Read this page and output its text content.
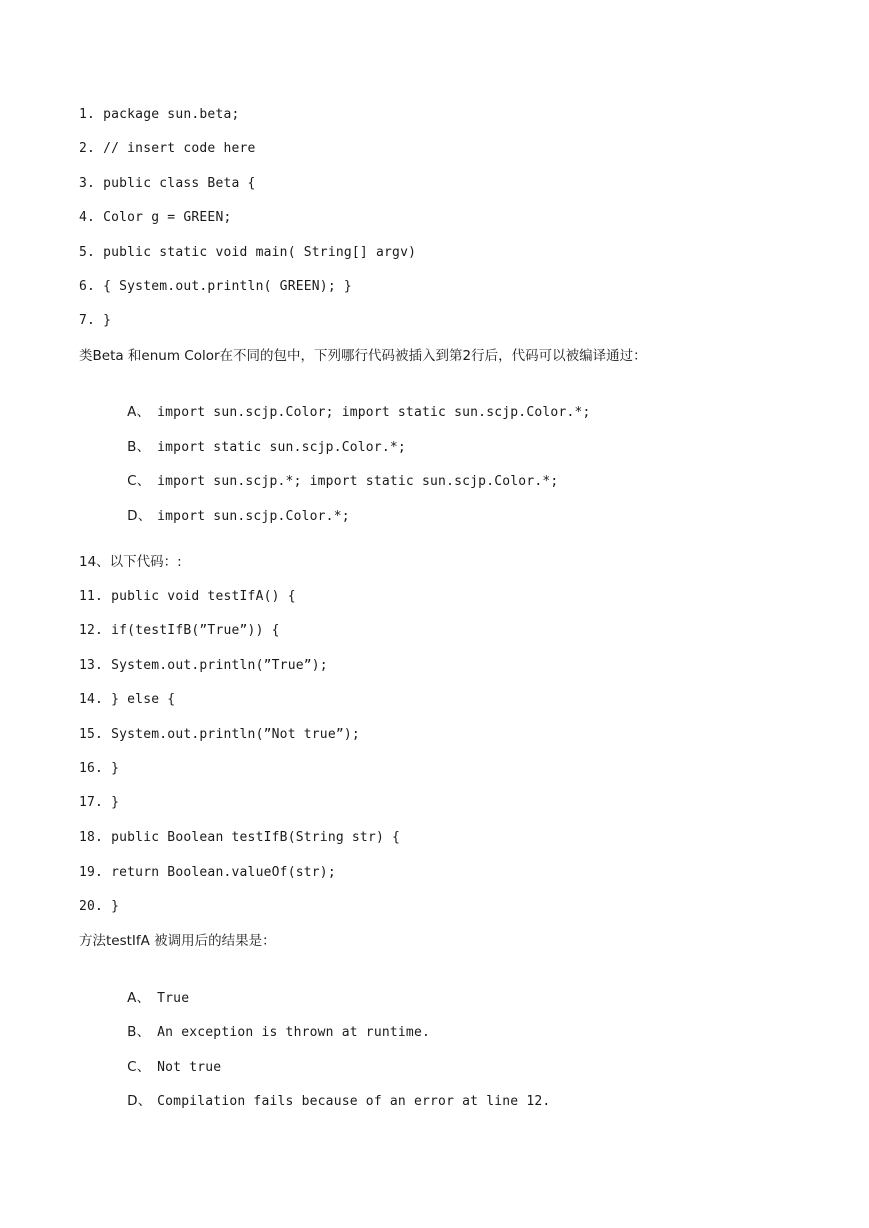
1. package sun.beta;
2. // insert code here
3. public class Beta {
4. Color g = GREEN;
5. public static void main( String[] argv)
6. { System.out.println( GREEN); }
7. }
类Beta 和enum Color在不同的包中，下列哪行代码被插入到第2行后，代码可以被编译通过：

A、 import sun.scjp.Color; import static sun.scjp.Color.*;

B、 import static sun.scjp.Color.*;

C、 import sun.scjp.*; import static sun.scjp.Color.*;

D、 import sun.scjp.Color.*;

14、以下代码：:
11. public void testIfA() {
12. if(testIfB(”True”)) {
13. System.out.println(”True”);
14. } else {
15. System.out.println(”Not true”);
16. }
17. }
18. public Boolean testIfB(String str) {
19. return Boolean.valueOf(str);
20. }
方法testIfA 被调用后的结果是：

A、 True

B、 An exception is thrown at runtime.

C、 Not true

D、 Compilation fails because of an error at line 12.
